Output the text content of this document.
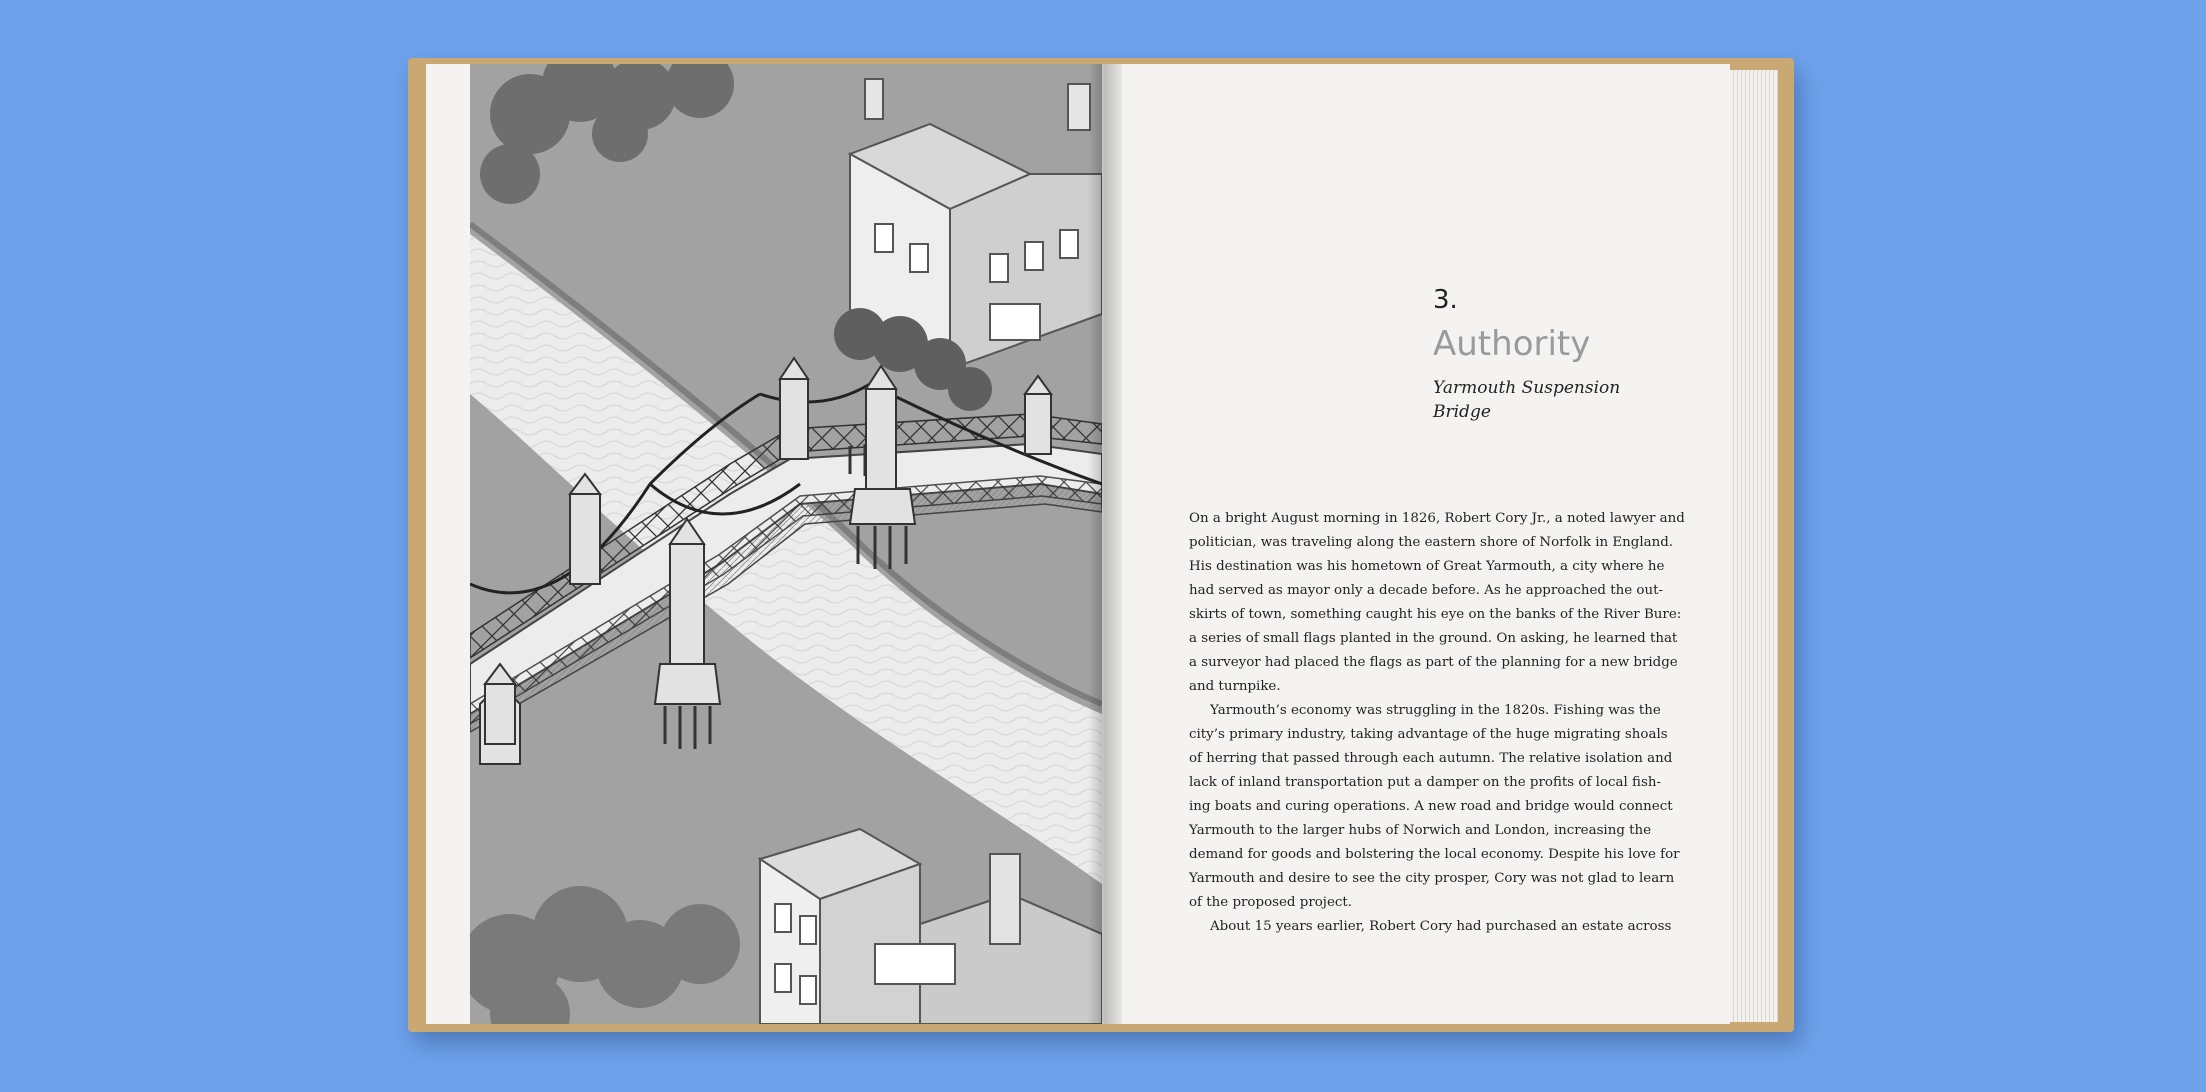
3.
Authority
Yarmouth Suspension
Bridge
On a bright August morning in 1826, Robert Cory Jr., a noted lawyer and
politician, was traveling along the eastern shore of Norfolk in England.
His destination was his hometown of Great Yarmouth, a city where he
had served as mayor only a decade before. As he approached the out-
skirts of town, something caught his eye on the banks of the River Bure:
a series of small flags planted in the ground. On asking, he learned that
a surveyor had placed the flags as part of the planning for a new bridge
and turnpike.
Yarmouth’s economy was struggling in the 1820s. Fishing was the
city’s primary industry, taking advantage of the huge migrating shoals
of herring that passed through each autumn. The relative isolation and
lack of inland transportation put a damper on the profits of local fish-
ing boats and curing operations. A new road and bridge would connect
Yarmouth to the larger hubs of Norwich and London, increasing the
demand for goods and bolstering the local economy. Despite his love for
Yarmouth and desire to see the city prosper, Cory was not glad to learn
of the proposed project.
About 15 years earlier, Robert Cory had purchased an estate across
